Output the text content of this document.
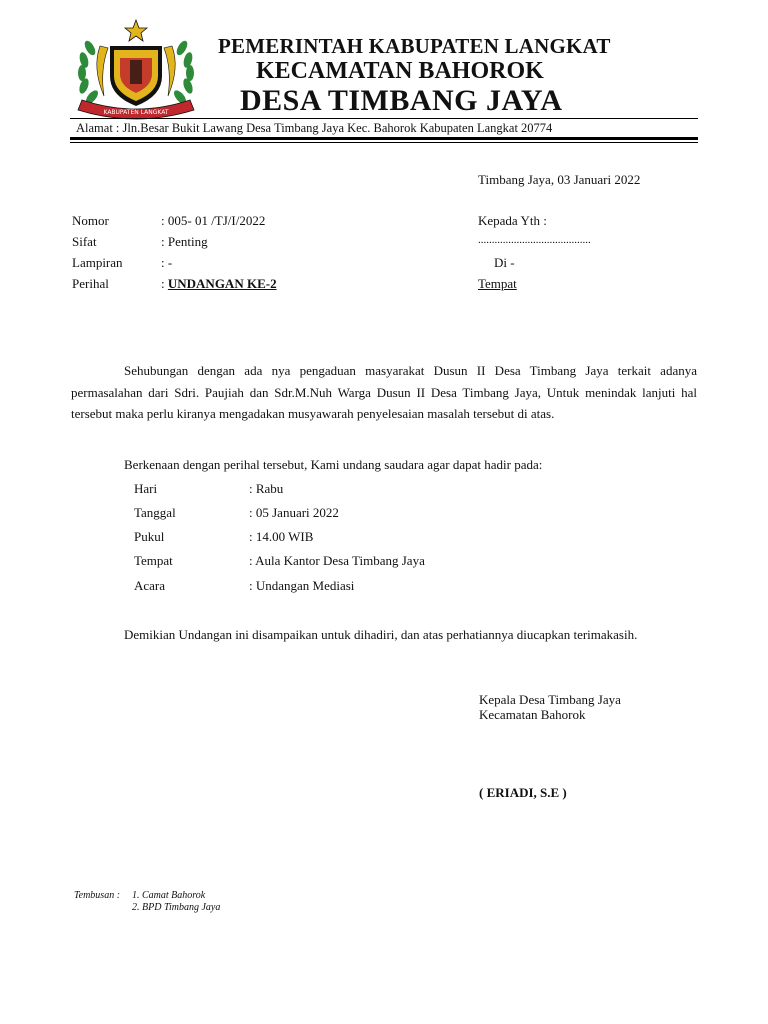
KABUPATEN LANGKAT
PEMERINTAH KABUPATEN LANGKAT
KECAMATAN BAHOROK
DESA TIMBANG JAYA
Alamat : Jln.Besar Bukit Lawang Desa Timbang Jaya Kec. Bahorok Kabupaten Langkat 20774
Timbang Jaya, 03 Januari 2022
Nomor	: 005- 01 /TJ/I/2022
Sifat	: Penting
Lampiran	: -
Perihal	: UNDANGAN KE-2
Kepada Yth :
.........................................
Di -
Tempat
Sehubungan dengan ada nya pengaduan masyarakat Dusun II Desa Timbang Jaya terkait adanya permasalahan dari Sdri. Paujiah dan Sdr.M.Nuh Warga Dusun II Desa Timbang Jaya, Untuk menindak lanjuti hal tersebut maka perlu kiranya mengadakan musyawarah penyelesaian masalah tersebut di atas.
Berkenaan dengan perihal tersebut, Kami undang saudara agar dapat hadir pada:
Hari	: Rabu
Tanggal	: 05 Januari 2022
Pukul	: 14.00 WIB
Tempat	: Aula Kantor Desa Timbang Jaya
Acara	: Undangan Mediasi
Demikian Undangan ini disampaikan untuk dihadiri, dan atas perhatiannya diucapkan terimakasih.
Kepala Desa Timbang Jaya
Kecamatan Bahorok
( ERIADI, S.E )
Tembusan : 1. Camat Bahorok
2. BPD Timbang Jaya
